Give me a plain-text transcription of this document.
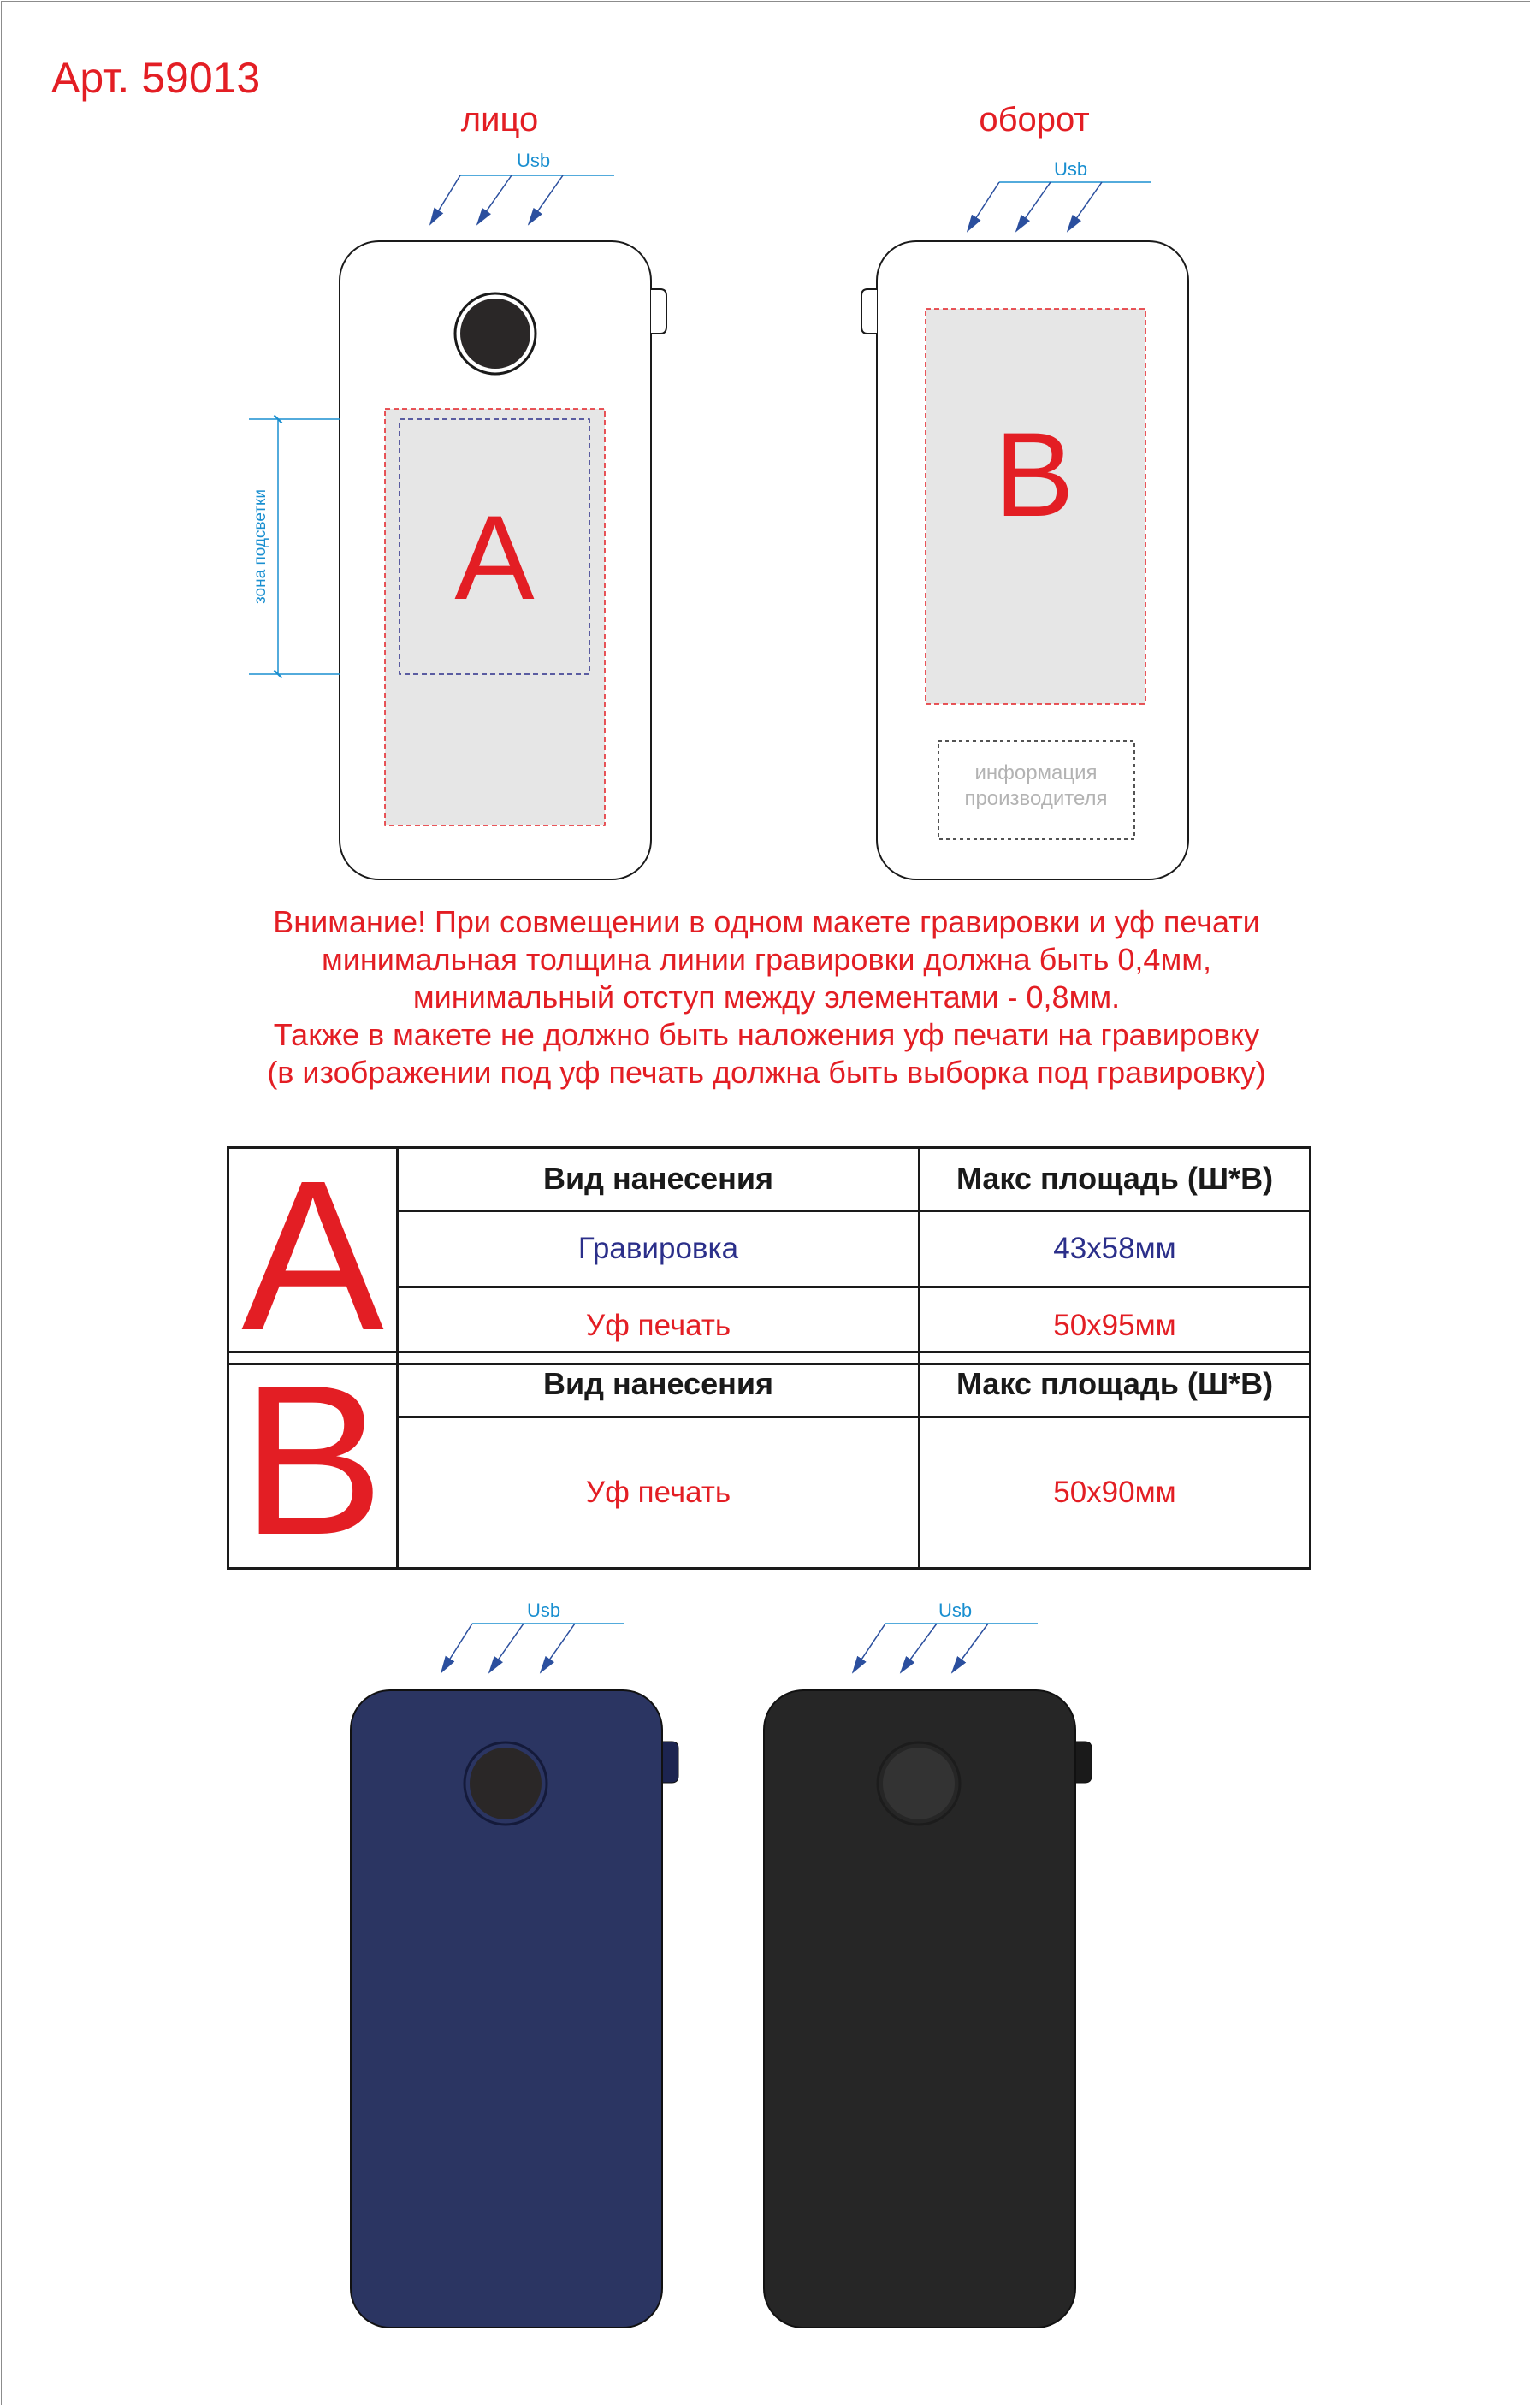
Арт. 59013
лицо	оборот
Usb	Usb
зона подсветки A
B
информация
производителя
Usb	Usb
Внимание! При совмещении в одном макете гравировки и уф печати
минимальная толщина линии гравировки должна быть 0,4мм,
минимальный отступ между элементами - 0,8мм.
Также в макете не должно быть наложения уф печати на гравировку
(в изображении под уф печать должна быть выборка под гравировку)
A	Вид нанесения	Макс площадь (Ш*В)
	Гравировка	43x58мм
	Уф печать	50x95мм
B	Вид нанесения	Макс площадь (Ш*В)
	Уф печать	50x90мм
